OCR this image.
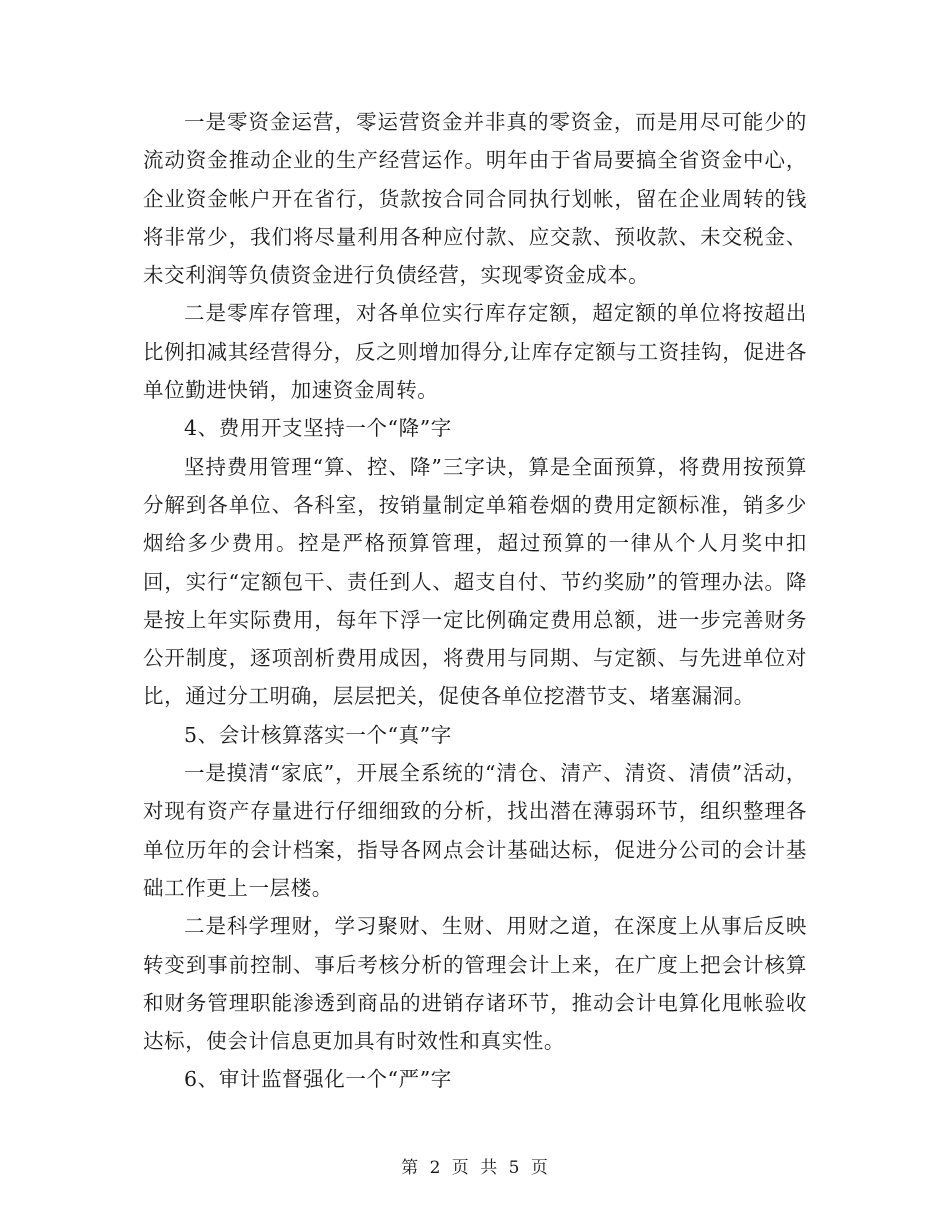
一是零资金运营，零运营资金并非真的零资金，而是用尽可能少的流动资金推动企业的生产经营运作。明年由于省局要搞全省资金中心，企业资金帐户开在省行，货款按合同合同执行划帐，留在企业周转的钱将非常少，我们将尽量利用各种应付款、应交款、预收款、未交税金、未交利润等负债资金进行负债经营，实现零资金成本。

二是零库存管理，对各单位实行库存定额，超定额的单位将按超出比例扣减其经营得分，反之则增加得分,让库存定额与工资挂钩，促进各单位勤进快销，加速资金周转。

4、费用开支坚持一个“降”字

坚持费用管理“算、控、降”三字诀，算是全面预算，将费用按预算分解到各单位、各科室，按销量制定单箱卷烟的费用定额标准，销多少烟给多少费用。控是严格预算管理，超过预算的一律从个人月奖中扣回，实行“定额包干、责任到人、超支自付、节约奖励”的管理办法。降是按上年实际费用，每年下浮一定比例确定费用总额，进一步完善财务公开制度，逐项剖析费用成因，将费用与同期、与定额、与先进单位对比，通过分工明确，层层把关，促使各单位挖潜节支、堵塞漏洞。

5、会计核算落实一个“真”字

一是摸清“家底”，开展全系统的“清仓、清产、清资、清债”活动，对现有资产存量进行仔细细致的分析，找出潜在薄弱环节，组织整理各单位历年的会计档案，指导各网点会计基础达标，促进分公司的会计基础工作更上一层楼。

二是科学理财，学习聚财、生财、用财之道，在深度上从事后反映转变到事前控制、事后考核分析的管理会计上来，在广度上把会计核算和财务管理职能渗透到商品的进销存诸环节，推动会计电算化甩帐验收达标，使会计信息更加具有时效性和真实性。

6、审计监督强化一个“严”字

第 2 页 共 5 页
